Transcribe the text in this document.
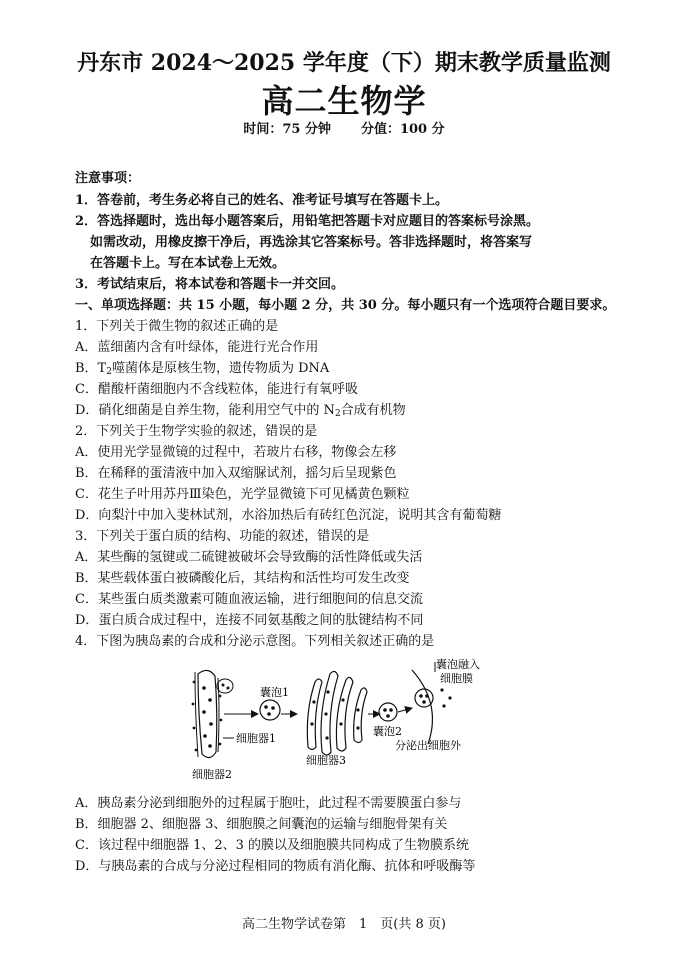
丹东市 2024～2025 学年度（下）期末教学质量监测
高二生物学
时间：75 分钟 分值：100 分
注意事项：
1．答卷前，考生务必将自己的姓名、准考证号填写在答题卡上。
2．答选择题时，选出每小题答案后，用铅笔把答题卡对应题目的答案标号涂黑。
如需改动，用橡皮擦干净后，再选涂其它答案标号。答非选择题时，将答案写
在答题卡上。写在本试卷上无效。
3．考试结束后，将本试卷和答题卡一并交回。
一、单项选择题：共 15 小题，每小题 2 分，共 30 分。每小题只有一个选项符合题目要求。
1．下列关于微生物的叙述正确的是
A．蓝细菌内含有叶绿体，能进行光合作用
B．$T_2$噬菌体是原核生物，遗传物质为 DNA
C．醋酸杆菌细胞内不含线粒体，能进行有氧呼吸
D．硝化细菌是自养生物，能利用空气中的 $N_2$合成有机物
2．下列关于生物学实验的叙述，错误的是
A．使用光学显微镜的过程中，若玻片右移，物像会左移
B．在稀释的蛋清液中加入双缩脲试剂，摇匀后呈现紫色
C．花生子叶用苏丹Ⅲ染色，光学显微镜下可见橘黄色颗粒
D．向梨汁中加入斐林试剂，水浴加热后有砖红色沉淀，说明其含有葡萄糖
3．下列关于蛋白质的结构、功能的叙述，错误的是
A．某些酶的氢键或二硫键被破坏会导致酶的活性降低或失活
B．某些载体蛋白被磷酸化后，其结构和活性均可发生改变
C．某些蛋白质类激素可随血液运输，进行细胞间的信息交流
D．蛋白质合成过程中，连接不同氨基酸之间的肽键结构不同
4．下图为胰岛素的合成和分泌示意图。下列相关叙述正确的是
囊泡1
细胞器1
细胞器2
细胞器3
囊泡2
囊泡融入
细胞膜
分泌出细胞外
A．胰岛素分泌到细胞外的过程属于胞吐，此过程不需要膜蛋白参与
B．细胞器 2、细胞器 3、细胞膜之间囊泡的运输与细胞骨架有关
C．该过程中细胞器 1、2、3 的膜以及细胞膜共同构成了生物膜系统
D．与胰岛素的合成与分泌过程相同的物质有消化酶、抗体和呼吸酶等
高二生物学试卷第　1　页(共 8 页)
